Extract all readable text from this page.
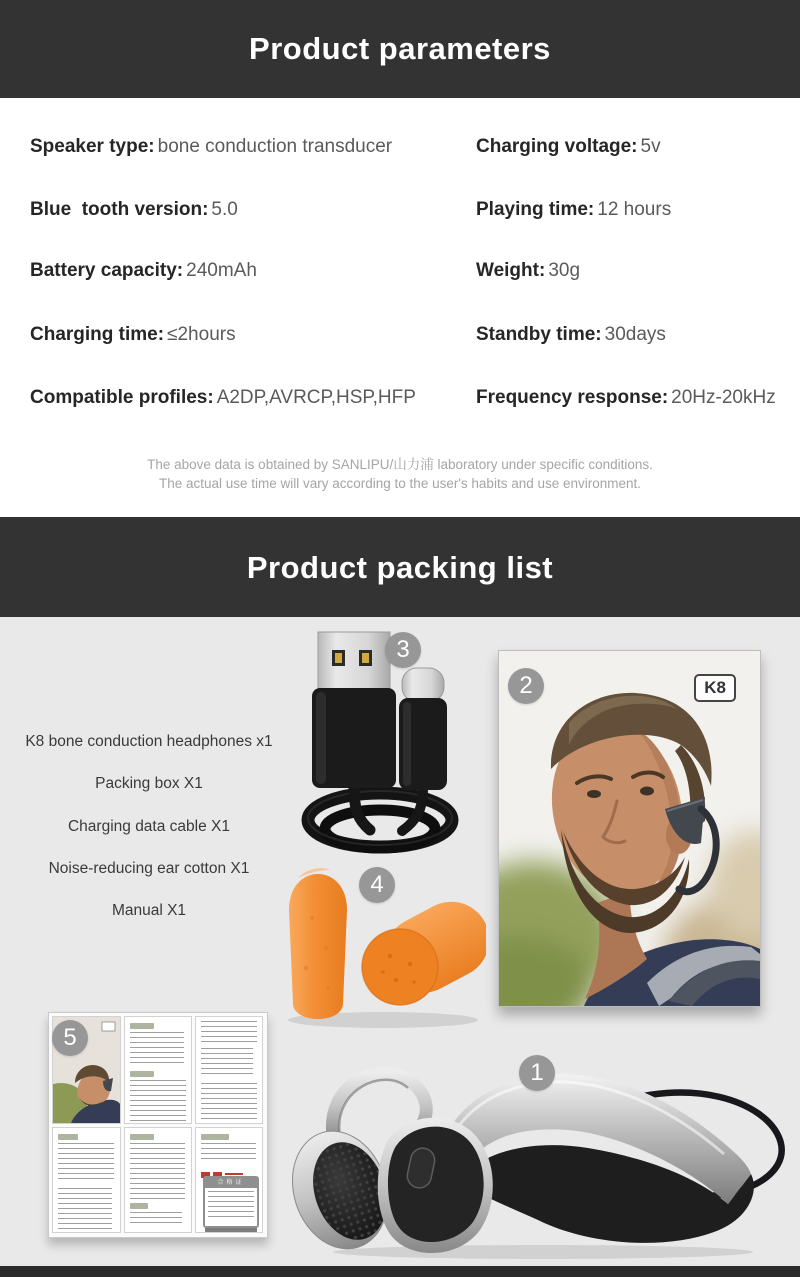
Product parameters
Speaker type: bone conduction transducer
Blue  tooth version: 5.0
Battery capacity: 240mAh
Charging time: ≤2hours
Compatible profiles: A2DP,AVRCP,HSP,HFP
Charging voltage: 5v
Playing time: 12 hours
Weight: 30g
Standby time: 30days
Frequency response: 20Hz-20kHz
The above data is obtained by SANLIPU/山力浦 laboratory under specific conditions.
The actual use time will vary according to the user's habits and use environment.
Product packing list
K8 bone conduction headphones x1
Packing box X1
Charging data cable X1
Noise-reducing ear cotton X1
Manual X1
3
K8
2
4
合格证
5
1
